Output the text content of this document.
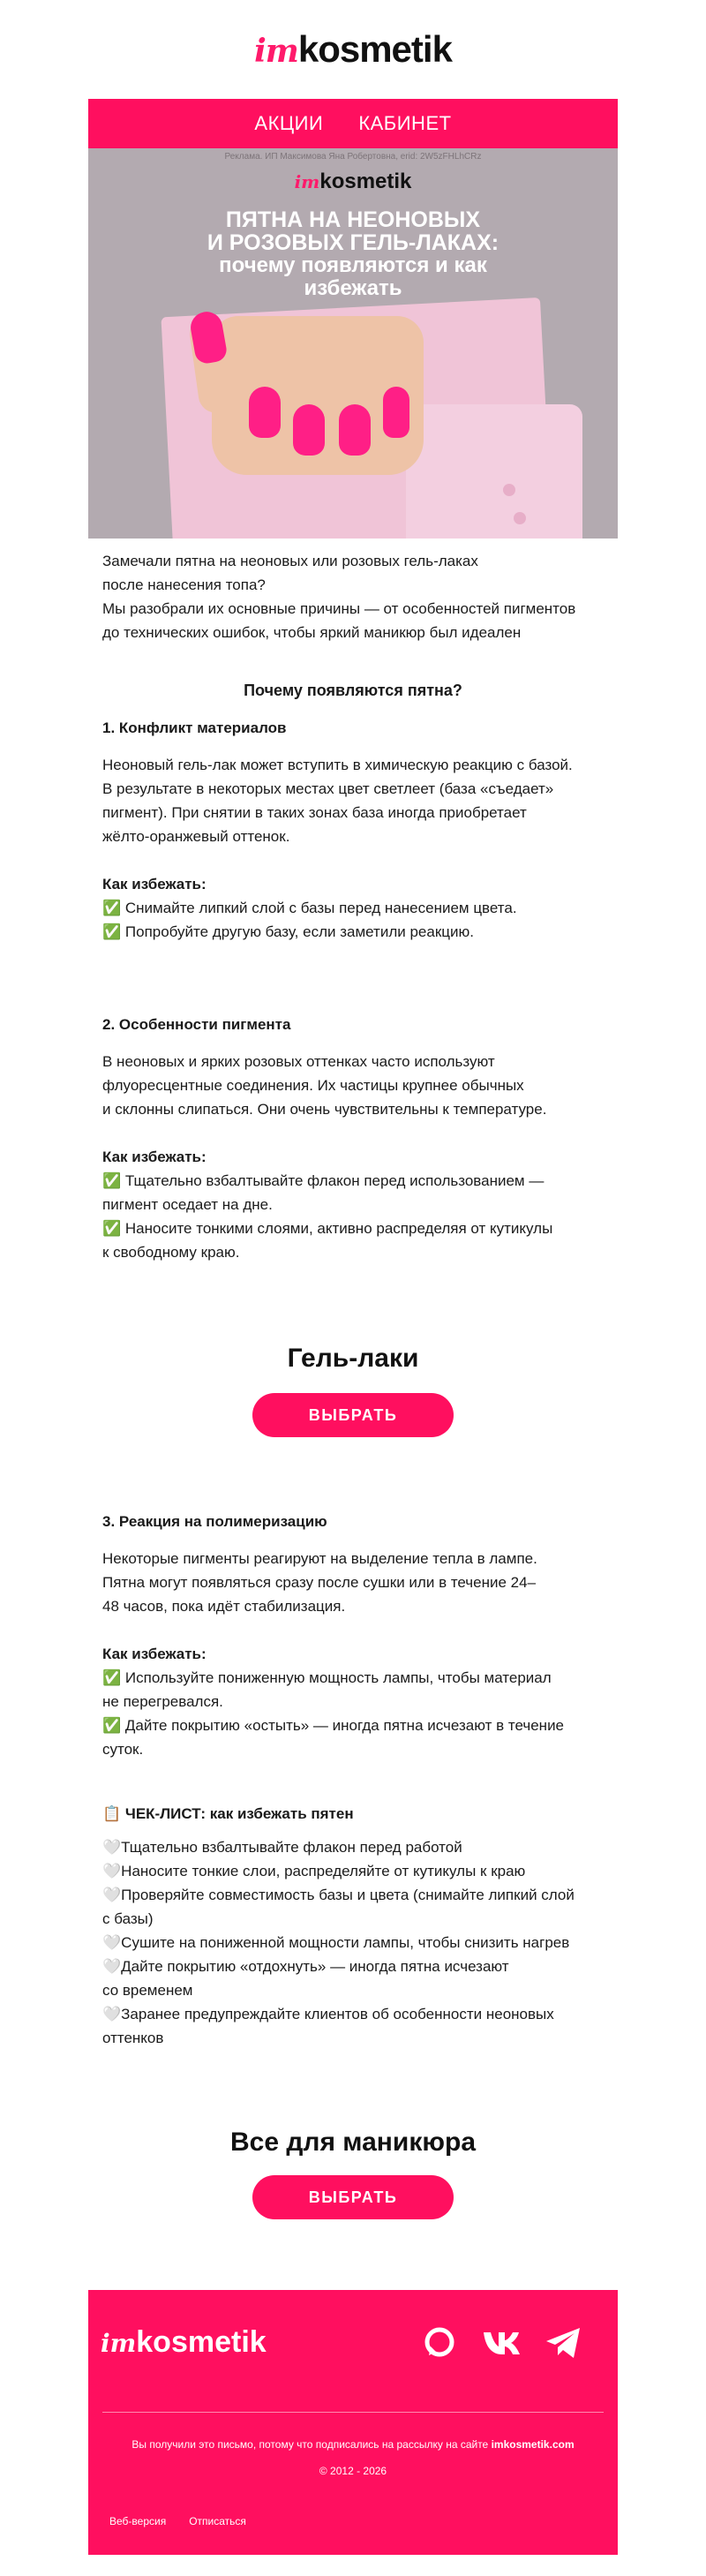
im kosmetik
АКЦИИ КАБИНЕТ
Реклама. ИП Максимова Яна Робертовна, erid: 2W5zFHLhCRz
imkosmetik
ПЯТНА НА НЕОНОВЫХ
И РОЗОВЫХ ГЕЛЬ-ЛАКАХ:
почему появляются и как
избежать
Замечали пятна на неоновых или розовых гель-лаках
после нанесения топа?
Мы разобрали их основные причины — от особенностей пигментов
до технических ошибок, чтобы яркий маникюр был идеален
Почему появляются пятна?
1. Конфликт материалов
Неоновый гель-лак может вступить в химическую реакцию с базой.
В результате в некоторых местах цвет светлеет (база «съедает»
пигмент). При снятии в таких зонах база иногда приобретает
жёлто-оранжевый оттенок.
Как избежать:
✅ Снимайте липкий слой с базы перед нанесением цвета.
✅ Попробуйте другую базу, если заметили реакцию.
2. Особенности пигмента
В неоновых и ярких розовых оттенках часто используют
флуоресцентные соединения. Их частицы крупнее обычных
и склонны слипаться. Они очень чувствительны к температуре.
Как избежать:
✅ Тщательно взбалтывайте флакон перед использованием —
пигмент оседает на дне.
✅ Наносите тонкими слоями, активно распределяя от кутикулы
к свободному краю.
Гель-лаки
ВЫБРАТЬ
3. Реакция на полимеризацию
Некоторые пигменты реагируют на выделение тепла в лампе.
Пятна могут появляться сразу после сушки или в течение 24–
48 часов, пока идёт стабилизация.
Как избежать:
✅ Используйте пониженную мощность лампы, чтобы материал
не перегревался.
✅ Дайте покрытию «остыть» — иногда пятна исчезают в течение
суток.
📋 ЧЕК-ЛИСТ: как избежать пятен
🤍Тщательно взбалтывайте флакон перед работой
🤍Наносите тонкие слои, распределяйте от кутикулы к краю
🤍Проверяйте совместимость базы и цвета (снимайте липкий слой
с базы)
🤍Сушите на пониженной мощности лампы, чтобы снизить нагрев
🤍Дайте покрытию «отдохнуть» — иногда пятна исчезают
со временем
🤍Заранее предупреждайте клиентов об особенности неоновых
оттенков
Все для маникюра
ВЫБРАТЬ
im kosmetik
Вы получили это письмо, потому что подписались на рассылку на сайте imkosmetik.com
© 2012 - 2026
Веб-версия Отписаться
